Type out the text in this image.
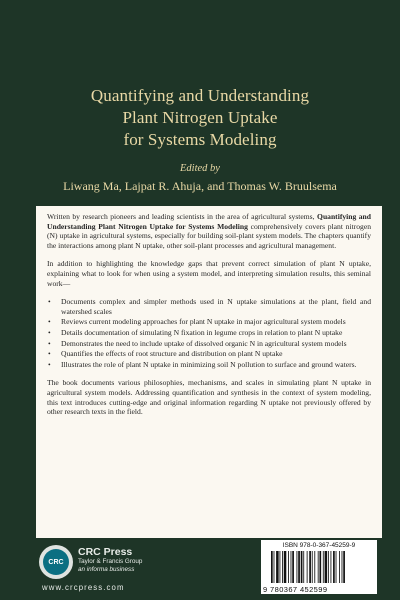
Quantifying and Understanding
Plant Nitrogen Uptake
for Systems Modeling
Edited by
Liwang Ma, Lajpat R. Ahuja, and Thomas W. Bruulsema

Written by research pioneers and leading scientists in the area of agricultural systems, Quantifying and Understanding Plant Nitrogen Uptake for Systems Modeling comprehensively covers plant nitrogen (N) uptake in agricultural systems, especially for building soil-plant system models. The chapters quantify the interactions among plant N uptake, other soil-plant processes and agricultural management.

In addition to highlighting the knowledge gaps that prevent correct simulation of plant N uptake, explaining what to look for when using a system model, and interpreting simulation results, this seminal work—

• Documents complex and simpler methods used in N uptake simulations at the plant, field and watershed scales
• Reviews current modeling approaches for plant N uptake in major agricultural system models
• Details documentation of simulating N fixation in legume crops in relation to plant N uptake
• Demonstrates the need to include uptake of dissolved organic N in agricultural system models
• Quantifies the effects of root structure and distribution on plant N uptake
• Illustrates the role of plant N uptake in minimizing soil N pollution to surface and ground waters.

The book documents various philosophies, mechanisms, and scales in simulating plant N uptake in agricultural system models. Addressing quantification and synthesis in the context of system modeling, this text introduces cutting-edge and original information regarding N uptake not previously offered by other research texts in the field.

CRC
CRC Press
Taylor & Francis Group
an informa business
www.crcpress.com
ISBN 978-0-367-45259-9
9 780367 452599
